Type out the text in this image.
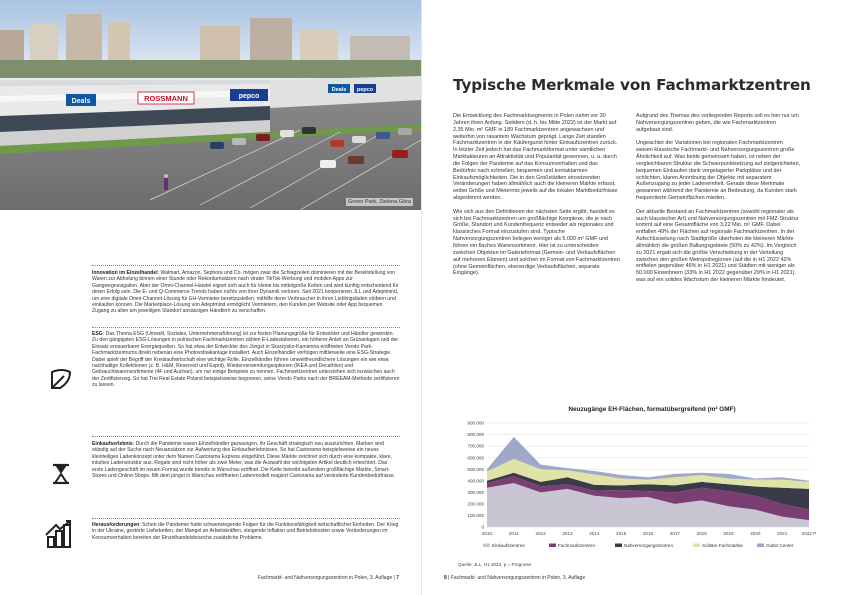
Deals	ROSSMANN	pepco
Deals pepco
Green Park, Zielona Góra
Innovation im Einzelhandel: Walmart, Amazon, Sephora und Co. mögen zwar die Schlagzeilen dominieren mit der Bereitstellung von Waren zur Abholung binnen einer Stunde oder Rekordumsätzen nach viraler TikTok-Werbung und mobilen Apps zur Gangwegnavigation. Aber der Omni-Channel-Handel eignet sich auch für kleine bis mittelgroße Ketten und wird künftig entscheidend für deren Erfolg sein. Die E- und Q-Commerce-Trends haben nichts von ihrer Dynamik verloren. Seit 2021 kooperieren JLL und Adeptmind, um eine digitale Omni-Channel-Lösung für EH-Vermieter bereitzustellen, mithilfe derer Verbraucher in ihren Lieblingsläden stöbern und einkaufen können. Die Marketplace-Lösung von Adeptmind ermöglicht Vermietern, den Kunden per Website oder App bequemen Zugang zu allen am jeweiligen Standort ansässigen Händlern zu verschaffen.
ESG: Das Thema ESG (Umwelt, Soziales, Unternehmensführung) ist zur festen Planungsgröße für Entwickler und Händler geworden. Zu den gängigsten ESG-Lösungen in polnischen Fachmarktzentren zählen E-Ladestationen, ein höherer Anteil an Grünanlagen und der Einsatz erneuerbarer Energiequellen. So hat etwa der Entwickler des Jüngst in Skarżysko-Kamienna eröffneten Vendo Park-Fachmarktzentrums direkt nebenan eine Photovoltaikanlage installiert. Auch Einzelhändler verfolgen mittlerweile eine ESG-Strategie. Dabei spielt der Begriff der Kreislaufwirtschaft eine wichtige Rolle. Einzelhändler führen umweltfreundlichere Lösungen ein wie etwa nachhaltige Kollektionen (z. B. H&M, Reserved und Esprit), Wiederverwendungsoptionen (IKEA und Decathlon) und Gebrauchtwarensortimente (4F und Auchan), um nur einige Beispiele zu nennen. Fachmarktzentren unterziehen sich inzwischen auch der Zertifizierung. So hat Trei Real Estate Poland beispielsweise begonnen, seine Vendo Parks nach der BREEAM-Methode zertifizieren zu lassen.
Einkaufserlebnis: Durch die Pandemie waren Einzelhändler gezwungen, ihr Geschäft strategisch neu auszurichten. Marken sind ständig auf der Suche nach Neuansätzen zur Aufwertung des Einkaufserlebnisses. So hat Castorama beispielsweise ein neues kleinteiliges Ladenkonzept unter dem Namen Castorama Express eingeführt. Diese Märkte zeichnet sich durch eine kompakte, klare, intuitive Ladenstruktur aus. Regale sind nicht höher als zwei Meter, was die Auswahl der wichtigsten Artikel deutlich erleichtert. Das erste Ladengeschäft im neuen Format wurde bereits in Warschau eröffnet. Die Kette betreibt außerdem großflächige Märkte, Smart-Stores und Online-Shops. Mit dem jüngst in Warschau eröffneten Ladenmodell reagiert Castorama auf veränderte Kundenbedürfnisse.
Herausforderungen: Schon die Pandemie hatte schwerwiegende Folgen für die Funktionsfähigkeit wirtschaftlicher Einheiten. Der Krieg in der Ukraine, gestörte Lieferketten, der Mangel an Arbeitskräften, steigende Inflation und Betriebskosten sowie Veränderungen im Konsumverhalten bereiten der Einzelhandelsbranche zusätzliche Probleme.
Fachmarkt- und Nahversorgungszentren in Polen, 3. Auflage | 7
Typische Merkmale von Fachmarktzentren

Die Entwicklung des Fachmarktsegments in Polen nahm vor 30 Jahren ihren Anfang. Seitdem (d. h. bis Mitte 2022) ist der Markt auf 2,35 Mio. m² GMF in 189 Fachmarktzentren angewachsen und weiterhin von rasantem Wachstum geprägt. Lange Zeit standen Fachmarktzentren in der Käufergunst hinter Einkaufszentren zurück. In letzter Zeit jedoch hat das Fachmarktformat unter sämtlichen Marktakteuren an Attraktivität und Popularität gewonnen, u. a. durch die Folgen der Pandemie auf das Konsumverhalten und das Bedürfnis nach schnellen, bequemen und kontaktarmen Einkaufsmöglichkeiten. Die in den Großstädten einsetzenden Veränderungen haben allmählich auch die kleineren Märkte erfasst, wobei Größe und Mietermix jeweils auf die lokalen Marktbedürfnisse abgestimmt werden.

Wie sich aus den Definitionen der nächsten Seite ergibt, handelt es sich bei Fachmarktzentren um großflächige Komplexe, die je nach Größe, Standort und Kundenfrequenz entweder als regionales und klassisches Format einzustufen sind. Typische Nahversorgungszentren belegen weniger als 5.000 m² GMF und führen ein flaches Warensortiment. Hier ist zu unterscheiden zwischen Objekten im Galerieformat (Gemein- und Verkaufsflächen auf mehreren Ebenen) und solchen im Format von Fachmarktzentren (ohne Gemeinflächen, ebenerdige Verkaufsflächen, separate Eingänge).

Aufgrund des Themas des vorliegenden Reports soll es hier nur um Nahversorgungszentren gehen, die wie Fachmarktzentren aufgebaut sind.

Ungeachtet der Variationen bei regionalen Fachmarktzentren weisen klassische Fachmarkt- und Nahversorgungszentren große Ähnlichkeit auf. Was beide gemeinsam haben, ist neben der vergleichbaren Struktur die Schwerpunktsetzung auf zielgerichteten, bequemen Einkaufen dank vorgelagerter Parkplätze und der schlichten, klaren Anordnung der Objekte mit separatem Außenzugang zu jeder Ladeneinheit. Gerade diese Merkmale gewannen während der Pandemie an Bedeutung, da Kunden stark frequentierte Gemeinflächen mieden.

Der aktuelle Bestand an Fachmarktzentren (sowohl regionaler als auch klassischer Art) und Nahversorgungszentren mit FMZ-Struktur kommt auf eine Gesamtfläche von 3,22 Mio. m² GMF. Dabei entfallen 49% der Flächen auf regionale Fachmarktzentren. In der Aufschlüsselung nach Stadtgröße überholen die kleineren Märkte allmählich die großen Ballungsgebiete (50% zu 42%). Im Vergleich zu 2021 ergab sich die größte Verschiebung in der Verteilung zwischen den großen Metropolregionen (auf die in H1 2022 42% entfielen gegenüber 46% in H1 2021) und Städten mit weniger als 50.000 Einwohnern (33% in H1 2022 gegenüber 29% in H1 2021), was auf ein solides Wachstum der kleineren Märkte hindeutet.

Neuzugänge EH-Flächen, formatübergreifend (m² GMF)
0
100.000
200.000
300.000
400.000
500.000
600.000
700.000
800.000
900.000
2010	2011	2012	2013	2014	2015	2016	2017	2018	2019	2020	2021	2022 P
Einkaufszentren	Fachmarktzentren	Nahversorgungszentren	Solitäre Fachmärkte	Outlet Center
Quelle: JLL, H1 2022, p = Prognose
8 | Fachmarkt- und Nahversorgungszentren in Polen, 3. Auflage
